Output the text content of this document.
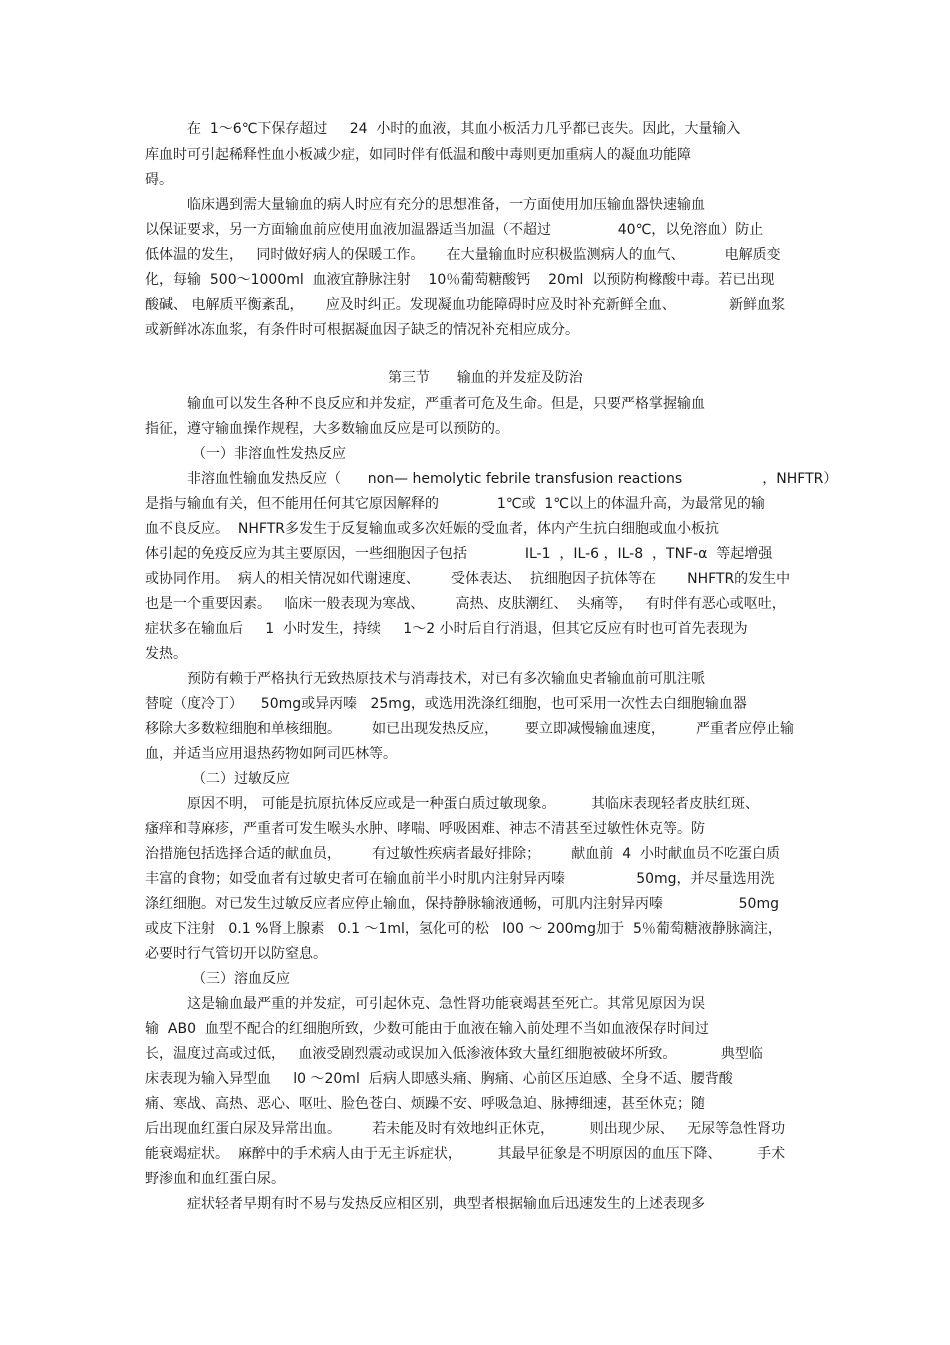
在  1～6℃下保存超过     24  小时的血液，其血小板活力几乎都已丧失。因此，大量输入
库血时可引起稀释性血小板减少症，如同时伴有低温和酸中毒则更加重病人的凝血功能障
碍。
临床遇到需大量输血的病人时应有充分的思想准备，一方面使用加压输血器快速输血
以保证要求，另一方面输血前应使用血液加温器适当加温（不超过               40℃，以免溶血）防止
低体温的发生，   同时做好病人的保暖工作。     在大量输血时应积极监测病人的血气、         电解质变
化，每输  500～1000ml  血液宜静脉注射    10％葡萄糖酸钙    20ml  以预防枸橼酸中毒。若已出现
酸碱、 电解质平衡紊乱，     应及时纠正。发现凝血功能障碍时应及时补充新鲜全血、            新鲜血浆
或新鲜冰冻血浆，有条件时可根据凝血因子缺乏的情况补充相应成分。
第三节      输血的并发症及防治
输血可以发生各种不良反应和并发症，严重者可危及生命。但是，只要严格掌握输血
指征，遵守输血操作规程，大多数输血反应是可以预防的。
（一）非溶血性发热反应
非溶血性输血发热反应（      non— hemolytic febrile transfusion reactions                  ，NHFTR）
是指与输血有关，但不能用任何其它原因解释的             1℃或  1℃以上的体温升高，为最常见的输
血不良反应。  NHFTR多发生于反复输血或多次妊娠的受血者，体内产生抗白细胞或血小板抗
体引起的免疫反应为其主要原因，一些细胞因子包括             IL-1  ，IL-6 ，IL-8  ，TNF-α  等起增强
或协同作用。  病人的相关情况如代谢速度、       受体表达、  抗细胞因子抗体等在       NHFTR的发生中
也是一个重要因素。   临床一般表现为寒战、       高热、皮肤潮红、  头痛等，   有时伴有恶心或呕吐，
症状多在输血后     1  小时发生，持续     1～2 小时后自行消退，但其它反应有时也可首先表现为
发热。
预防有赖于严格执行无致热原技术与消毒技术，对已有多次输血史者输血前可肌注哌
替啶（度冷丁）    50mg或异丙嗪   25mg，或选用洗涤红细胞，也可采用一次性去白细胞输血器
移除大多数粒细胞和单核细胞。       如已出现发热反应，      要立即减慢输血速度，       严重者应停止输
血，并适当应用退热药物如阿司匹林等。
（二）过敏反应
原因不明， 可能是抗原抗体反应或是一种蛋白质过敏现象。        其临床表现轻者皮肤红斑、
瘙痒和荨麻疹，严重者可发生喉头水肿、哮喘、呼吸困难、神志不清甚至过敏性休克等。防
治措施包括选择合适的献血员，       有过敏性疾病者最好排除；       献血前  4  小时献血员不吃蛋白质
丰富的食物；如受血者有过敏史者可在输血前半小时肌内注射异丙嗪                50mg，并尽量选用洗
涤红细胞。对已发生过敏反应者应停止输血，保持静脉输液通畅，可肌内注射异丙嗪                 50mg
或皮下注射   0.1 %肾上腺素   0.1 ～1ml，氢化可的松   l00 ～ 200mg加于  5％葡萄糖液静脉滴注，
必要时行气管切开以防窒息。
（三）溶血反应
这是输血最严重的并发症，可引起休克、急性肾功能衰竭甚至死亡。其常见原因为误
输  AB0  血型不配合的红细胞所致，少数可能由于血液在输入前处理不当如血液保存时间过
长，温度过高或过低，   血液受剧烈震动或误加入低渗液体致大量红细胞被破坏所致。          典型临
床表现为输入异型血     l0 ～20ml  后病人即感头痛、胸痛、心前区压迫感、全身不适、腰背酸
痛、寒战、高热、恶心、呕吐、脸色苍白、烦躁不安、呼吸急迫、脉搏细速，甚至休克；随
后出现血红蛋白尿及异常出血。       若未能及时有效地纠正休克，        则出现少尿、   无尿等急性肾功
能衰竭症状。  麻醉中的手术病人由于无主诉症状，        其最早征象是不明原因的血压下降、        手术
野渗血和血红蛋白尿。
症状轻者早期有时不易与发热反应相区别，典型者根据输血后迅速发生的上述表现多
